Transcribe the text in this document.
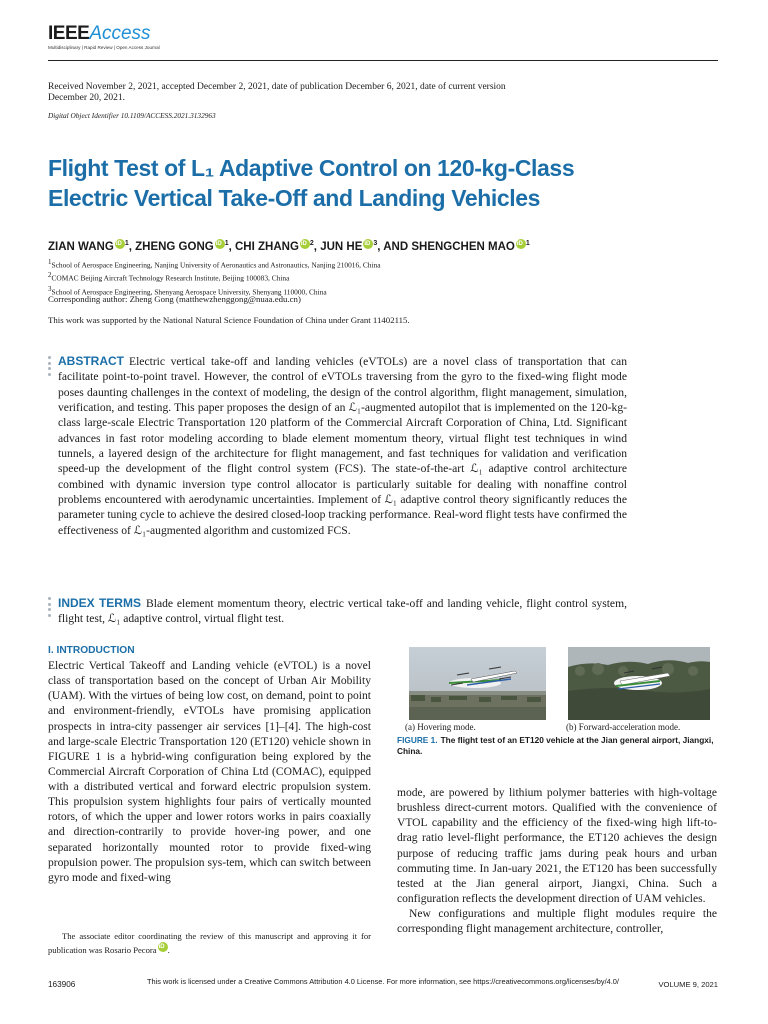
IEEEAccess
Multidisciplinary | Rapid Review | Open Access Journal
Received November 2, 2021, accepted December 2, 2021, date of publication December 6, 2021, date of current version December 20, 2021.
Digital Object Identifier 10.1109/ACCESS.2021.3132963
Flight Test of L₁ Adaptive Control on 120-kg-Class
Electric Vertical Take-Off and Landing Vehicles
ZIAN WANG iD $^1$, ZHENG GONG iD $^1$, CHI ZHANG iD $^2$, JUN HE iD $^3$, AND SHENGCHEN MAO iD $^1$
$^1$School of Aerospace Engineering, Nanjing University of Aeronautics and Astronautics, Nanjing 210016, China
$^2$COMAC Beijing Aircraft Technology Research Institute, Beijing 100083, China
$^3$School of Aerospace Engineering, Shenyang Aerospace University, Shenyang 110000, China
Corresponding author: Zheng Gong (matthewzhenggong@nuaa.edu.cn)
This work was supported by the National Natural Science Foundation of China under Grant 11402115.
ABSTRACT Electric vertical take-off and landing vehicles (eVTOLs) are a novel class of transportation that can facilitate point-to-point travel. However, the control of eVTOLs traversing from the gyro to the fixed-wing flight mode poses daunting challenges in the context of modeling, the design of the control algorithm, flight management, simulation, verification, and testing. This paper proposes the design of an ℒ₁-augmented autopilot that is implemented on the 120-kg-class large-scale Electric Transportation 120 platform of the Commercial Aircraft Corporation of China, Ltd. Significant advances in fast rotor modeling according to blade element momentum theory, virtual flight test techniques in wind tunnels, a layered design of the architecture for flight management, and fast techniques for validation and verification speed-up the development of the flight control system (FCS). The state-of-the-art ℒ₁ adaptive control architecture combined with dynamic inversion type control allocator is particularly suitable for dealing with nonaffine control problems encountered with aerodynamic uncertainties. Implement of ℒ₁ adaptive control theory significantly reduces the parameter tuning cycle to achieve the desired closed-loop tracking performance. Real-word flight tests have confirmed the effectiveness of ℒ₁-augmented algorithm and customized FCS.
INDEX TERMS Blade element momentum theory, electric vertical take-off and landing vehicle, flight control system, flight test, ℒ₁ adaptive control, virtual flight test.
I. INTRODUCTION
Electric Vertical Takeoff and Landing vehicle (eVTOL) is a novel class of transportation based on the concept of Urban Air Mobility (UAM). With the virtues of being low cost, on demand, point to point and environment-friendly, eVTOLs have promising application prospects in intra-city passenger air services [1]–[4]. The high-cost and large-scale Electric Transportation 120 (ET120) vehicle shown in FIGURE 1 is a hybrid-wing configuration being explored by the Commercial Aircraft Corporation of China Ltd (COMAC), equipped with a distributed vertical and forward electric propulsion system. This propulsion system highlights four pairs of vertically mounted rotors, of which the upper and lower rotors works in pairs coaxially and direction-contrarily to provide hover-ing power, and one separated horizontally mounted rotor to provide fixed-wing propulsion power. The propulsion sys-tem, which can switch between gyro mode and fixed-wing
The associate editor coordinating the review of this manuscript and approving it for publication was Rosario Pecora iD .
(a) Hovering mode.	(b) Forward-acceleration mode.
FIGURE 1. The flight test of an ET120 vehicle at the Jian general airport, Jiangxi, China.

mode, are powered by lithium polymer batteries with high-voltage brushless direct-current motors. Qualified with the convenience of VTOL capability and the efficiency of the fixed-wing high lift-to-drag ratio level-flight performance, the ET120 achieves the design purpose of reducing traffic jams during peak hours and urban commuting time. In Jan-uary 2021, the ET120 has been successfully tested at the Jian general airport, Jiangxi, China. Such a configuration reflects the development direction of UAM vehicles.

New configurations and multiple flight modules require the corresponding flight management architecture, controller,

This work is licensed under a Creative Commons Attribution 4.0 License. For more information, see https://creativecommons.org/licenses/by/4.0/
163906	VOLUME 9, 2021
